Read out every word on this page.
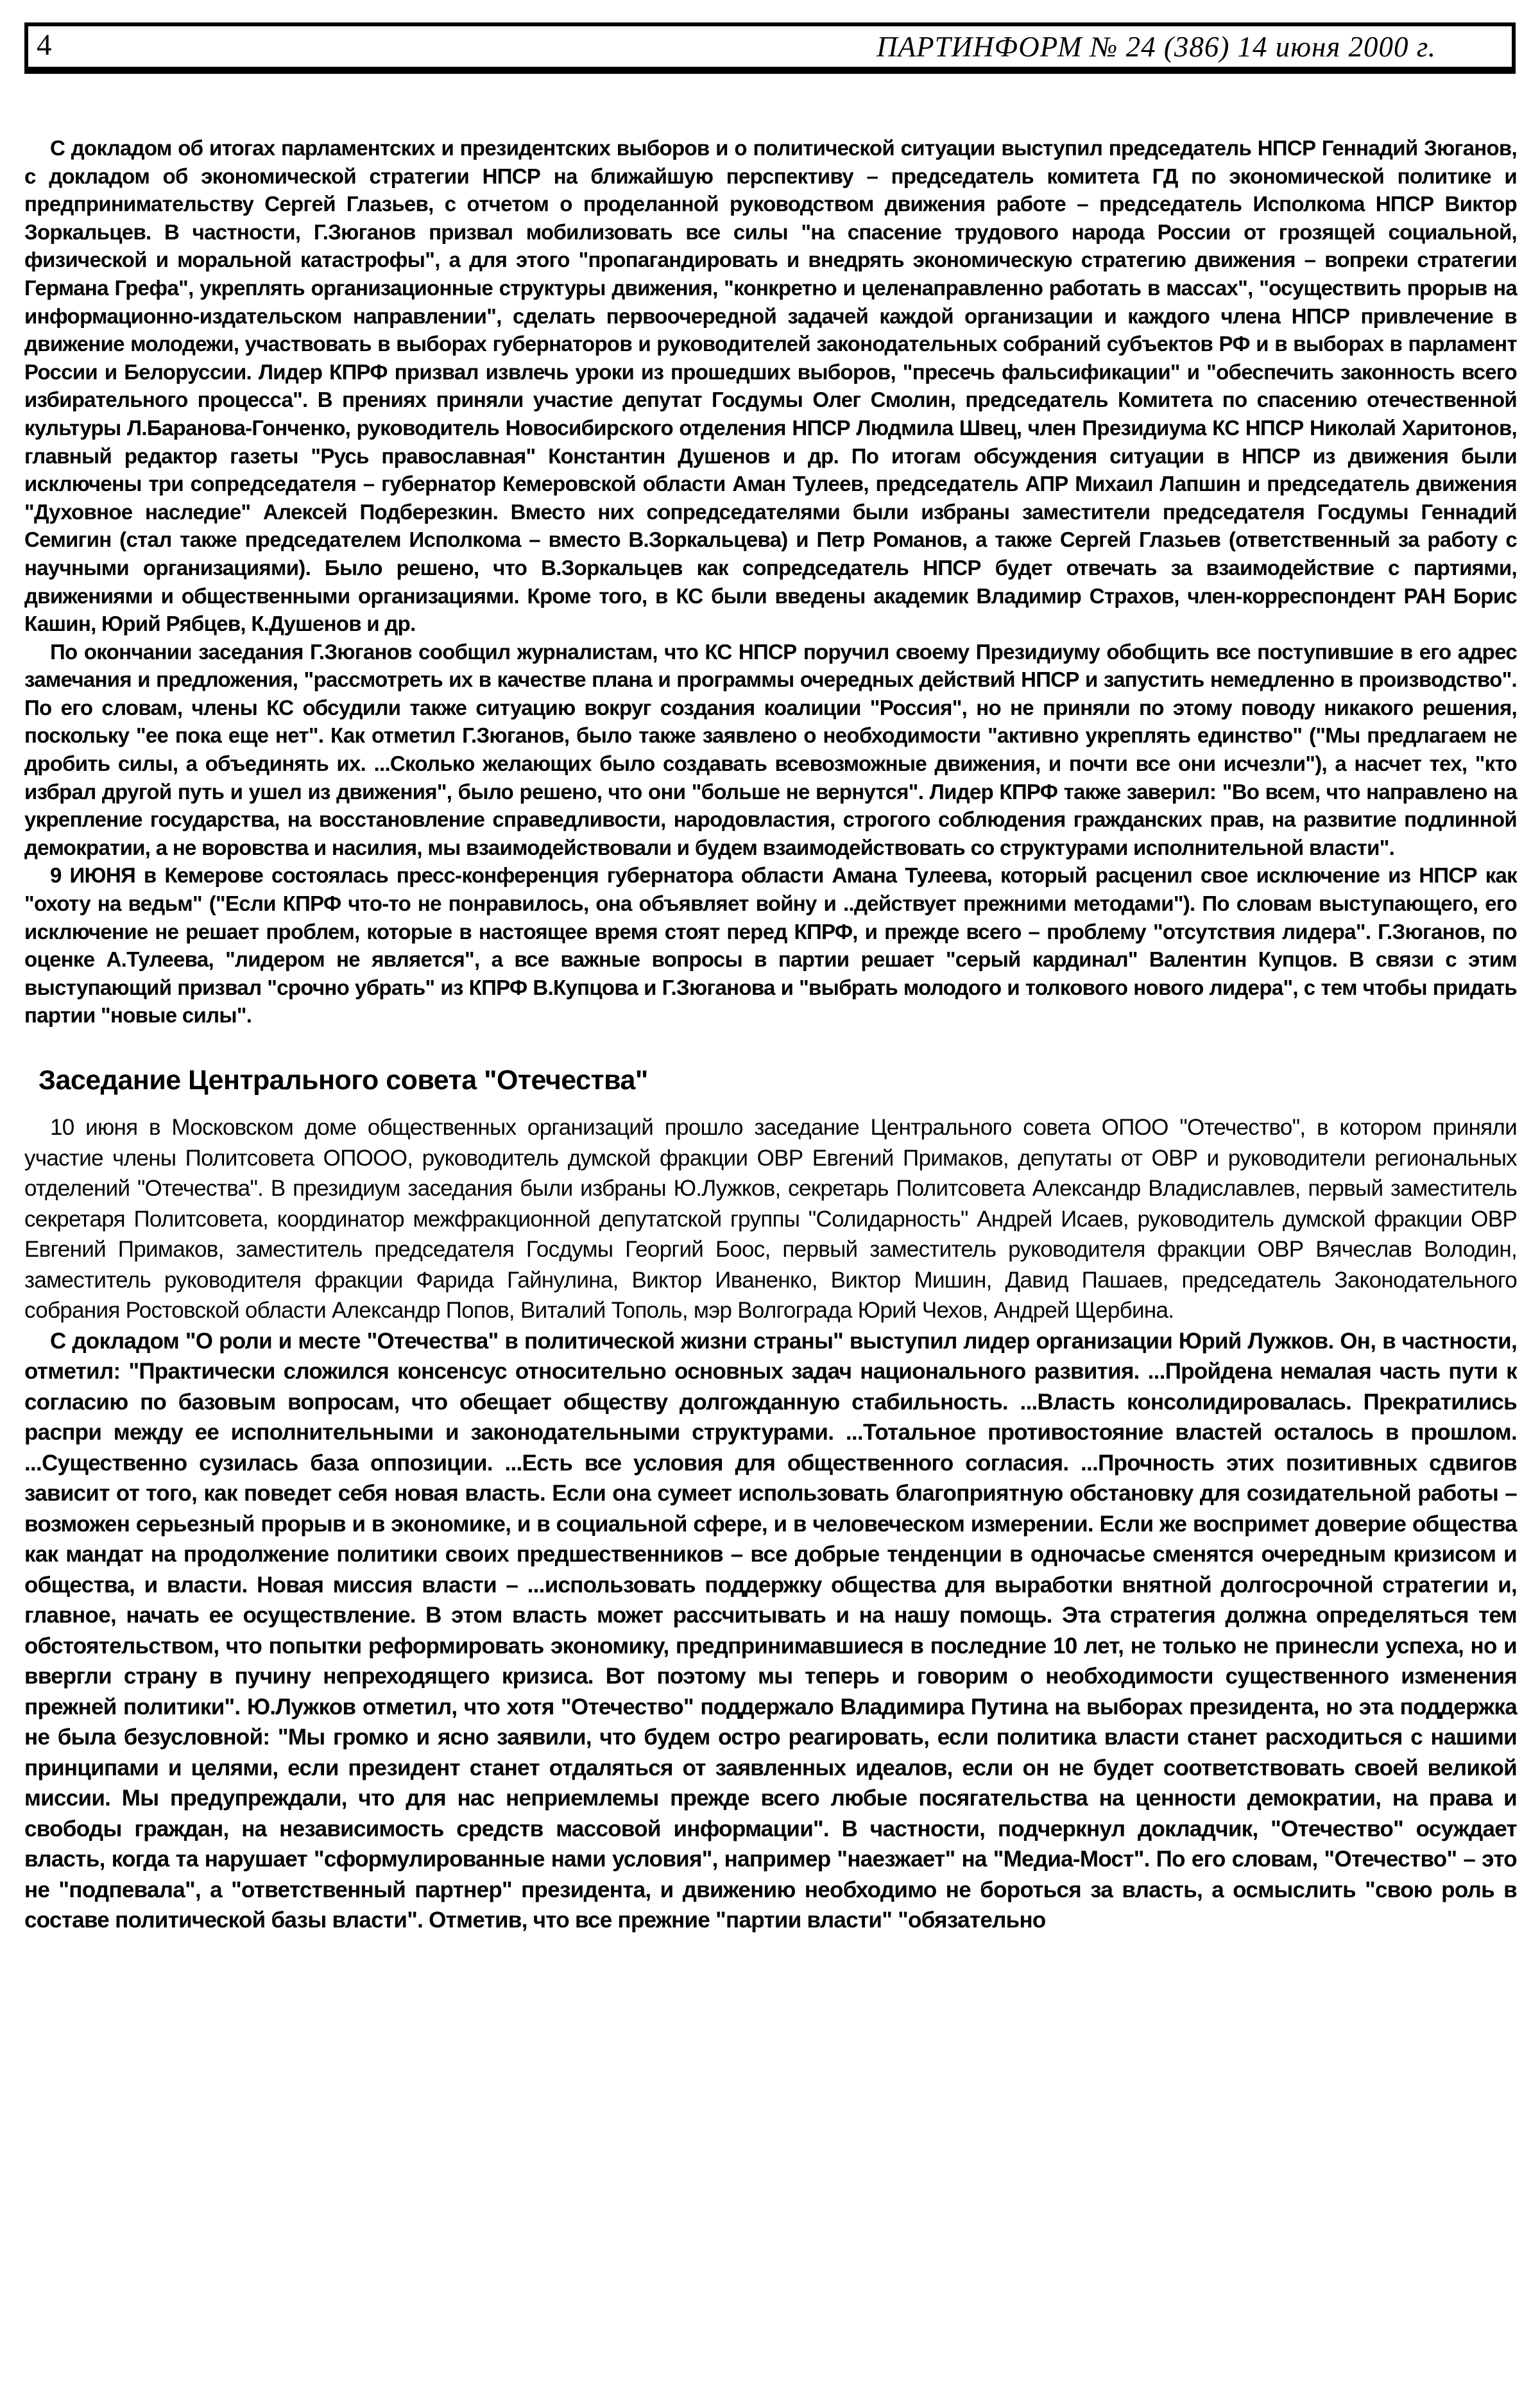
4	ПАРТИНФОРМ № 24 (386) 14 июня 2000 г.

С докладом об итогах парламентских и президентских выборов и о политической ситуации выступил председатель НПСР Геннадий Зюганов, с докладом об экономической стратегии НПСР на ближайшую перспективу – председатель комитета ГД по экономической политике и предпринимательству Сергей Глазьев, с отчетом о проделанной руководством движения работе – председатель Исполкома НПСР Виктор Зоркальцев. В частности, Г.Зюганов призвал мобилизовать все силы "на спасение трудового народа России от грозящей социальной, физической и моральной катастрофы", а для этого "пропагандировать и внедрять экономическую стратегию движения – вопреки стратегии Германа Грефа", укреплять организационные структуры движения, "конкретно и целенаправленно работать в массах", "осуществить прорыв на информационно-издательском направлении", сделать первоочередной задачей каждой организации и каждого члена НПСР привлечение в движение молодежи, участвовать в выборах губернаторов и руководителей законодательных собраний субъектов РФ и в выборах в парламент России и Белоруссии. Лидер КПРФ призвал извлечь уроки из прошедших выборов, "пресечь фальсификации" и "обеспечить законность всего избирательного процесса". В прениях приняли участие депутат Госдумы Олег Смолин, председатель Комитета по спасению отечественной культуры Л.Баранова-Гонченко, руководитель Новосибирского отделения НПСР Людмила Швец, член Президиума КС НПСР Николай Харитонов, главный редактор газеты "Русь православная" Константин Душенов и др. По итогам обсуждения ситуации в НПСР из движения были исключены три сопредседателя – губернатор Кемеровской области Аман Тулеев, председатель АПР Михаил Лапшин и председатель движения "Духовное наследие" Алексей Подберезкин. Вместо них сопредседателями были избраны заместители председателя Госдумы Геннадий Семигин (стал также председателем Исполкома – вместо В.Зоркальцева) и Петр Романов, а также Сергей Глазьев (ответственный за работу с научными организациями). Было решено, что В.Зоркальцев как сопредседатель НПСР будет отвечать за взаимодействие с партиями, движениями и общественными организациями. Кроме того, в КС были введены академик Владимир Страхов, член-корреспондент РАН Борис Кашин, Юрий Рябцев, К.Душенов и др.

По окончании заседания Г.Зюганов сообщил журналистам, что КС НПСР поручил своему Президиуму обобщить все поступившие в его адрес замечания и предложения, "рассмотреть их в качестве плана и программы очередных действий НПСР и запустить немедленно в производство". По его словам, члены КС обсудили также ситуацию вокруг создания коалиции "Россия", но не приняли по этому поводу никакого решения, поскольку "ее пока еще нет". Как отметил Г.Зюганов, было также заявлено о необходимости "активно укреплять единство" ("Мы предлагаем не дробить силы, а объединять их. ...Сколько желающих было создавать всевозможные движения, и почти все они исчезли"), а насчет тех, "кто избрал другой путь и ушел из движения", было решено, что они "больше не вернутся". Лидер КПРФ также заверил: "Во всем, что направлено на укрепление государства, на восстановление справедливости, народовластия, строгого соблюдения гражданских прав, на развитие подлинной демократии, а не воровства и насилия, мы взаимодействовали и будем взаимодействовать со структурами исполнительной власти".

9 ИЮНЯ в Кемерове состоялась пресс-конференция губернатора области Амана Тулеева, который расценил свое исключение из НПСР как "охоту на ведьм" ("Если КПРФ что-то не понравилось, она объявляет войну и ..действует прежними методами"). По словам выступающего, его исключение не решает проблем, которые в настоящее время стоят перед КПРФ, и прежде всего – проблему "отсутствия лидера". Г.Зюганов, по оценке А.Тулеева, "лидером не является", а все важные вопросы в партии решает "серый кардинал" Валентин Купцов. В связи с этим выступающий призвал "срочно убрать" из КПРФ В.Купцова и Г.Зюганова и "выбрать молодого и толкового нового лидера", с тем чтобы придать партии "новые силы".

Заседание Центрального совета "Отечества"

10 июня в Московском доме общественных организаций прошло заседание Центрального совета ОПОО "Отечество", в котором приняли участие члены Политсовета ОПООО, руководитель думской фракции ОВР Евгений Примаков, депутаты от ОВР и руководители региональных отделений "Отечества". В президиум заседания были избраны Ю.Лужков, секретарь Политсовета Александр Владиславлев, первый заместитель секретаря Политсовета, координатор межфракционной депутатской группы "Солидарность" Андрей Исаев, руководитель думской фракции ОВР Евгений Примаков, заместитель председателя Госдумы Георгий Боос, первый заместитель руководителя фракции ОВР Вячеслав Володин, заместитель руководителя фракции Фарида Гайнулина, Виктор Иваненко, Виктор Мишин, Давид Пашаев, председатель Законодательного собрания Ростовской области Александр Попов, Виталий Тополь, мэр Волгограда Юрий Чехов, Андрей Щербина.

С докладом "О роли и месте "Отечества" в политической жизни страны" выступил лидер организации Юрий Лужков. Он, в частности, отметил: "Практически сложился консенсус относительно основных задач национального развития. ...Пройдена немалая часть пути к согласию по базовым вопросам, что обещает обществу долгожданную стабильность. ...Власть консолидировалась. Прекратились распри между ее исполнительными и законодательными структурами. ...Тотальное противостояние властей осталось в прошлом. ...Существенно сузилась база оппозиции. ...Есть все условия для общественного согласия. ...Прочность этих позитивных сдвигов зависит от того, как поведет себя новая власть. Если она сумеет использовать благоприятную обстановку для созидательной работы – возможен серьезный прорыв и в экономике, и в социальной сфере, и в человеческом измерении. Если же воспримет доверие общества как мандат на продолжение политики своих предшественников – все добрые тенденции в одночасье сменятся очередным кризисом и общества, и власти. Новая миссия власти – ...использовать поддержку общества для выработки внятной долгосрочной стратегии и, главное, начать ее осуществление. В этом власть может рассчитывать и на нашу помощь. Эта стратегия должна определяться тем обстоятельством, что попытки реформировать экономику, предпринимавшиеся в последние 10 лет, не только не принесли успеха, но и ввергли страну в пучину непреходящего кризиса. Вот поэтому мы теперь и говорим о необходимости существенного изменения прежней политики". Ю.Лужков отметил, что хотя "Отечество" поддержало Владимира Путина на выборах президента, но эта поддержка не была безусловной: "Мы громко и ясно заявили, что будем остро реагировать, если политика власти станет расходиться с нашими принципами и целями, если президент станет отдаляться от заявленных идеалов, если он не будет соответствовать своей великой миссии. Мы предупреждали, что для нас неприемлемы прежде всего любые посягательства на ценности демократии, на права и свободы граждан, на независимость средств массовой информации". В частности, подчеркнул докладчик, "Отечество" осуждает власть, когда та нарушает "сформулированные нами условия", например "наезжает" на "Медиа-Мост". По его словам, "Отечество" – это не "подпевала", а "ответственный партнер" президента, и движению необходимо не бороться за власть, а осмыслить "свою роль в составе политической базы власти". Отметив, что все прежние "партии власти" "обязательно
